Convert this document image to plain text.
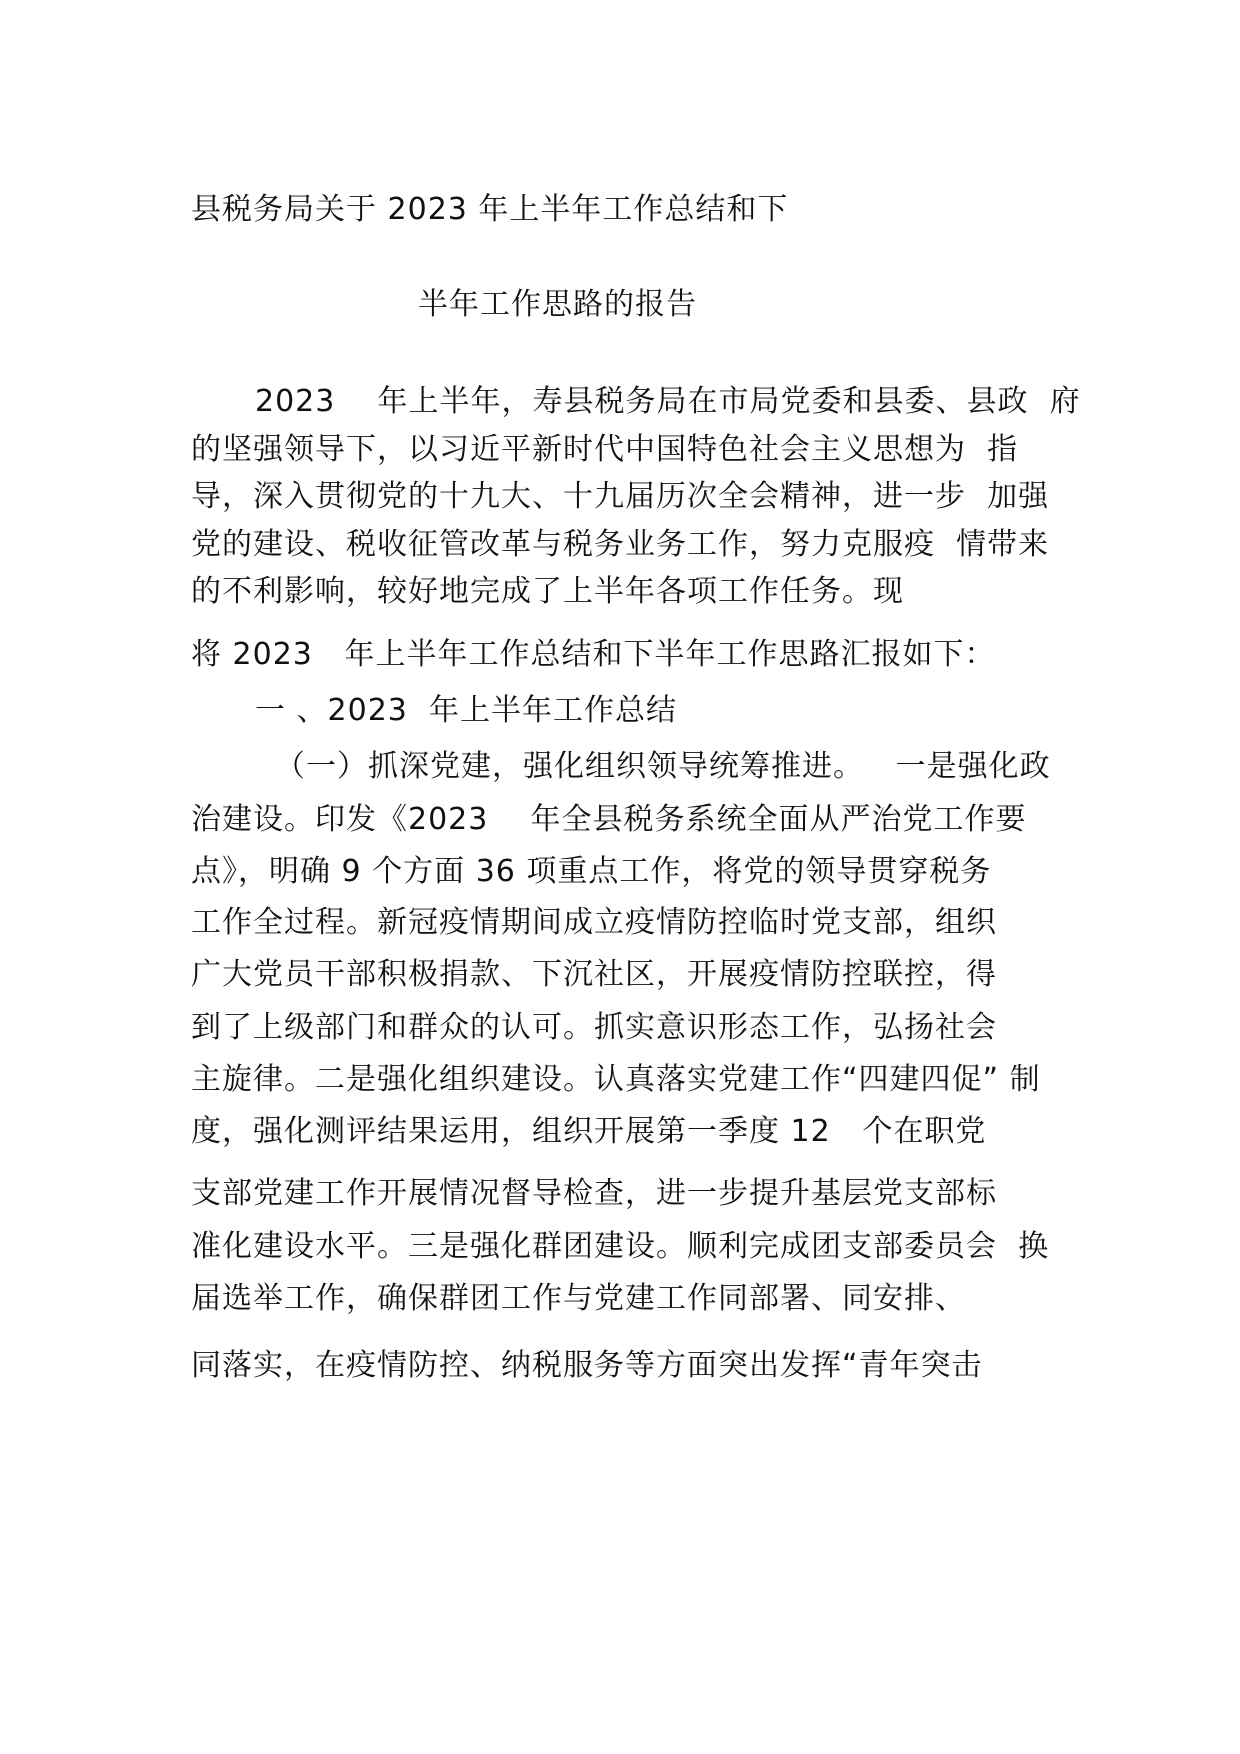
县税务局关于 2023 年上半年工作总结和下
半年工作思路的报告
2023    年上半年，寿县税务局在市局党委和县委、县政  府
的坚强领导下，以习近平新时代中国特色社会主义思想为  指
导，深入贯彻党的十九大、十九届历次全会精神，进一步  加强
党的建设、税收征管改革与税务业务工作，努力克服疫  情带来
的不利影响，较好地完成了上半年各项工作任务。现
将 2023   年上半年工作总结和下半年工作思路汇报如下：
一 、2023  年上半年工作总结
（一）抓深党建，强化组织领导统筹推进。   一是强化政
治建设。印发《2023    年全县税务系统全面从严治党工作要
点》，明确 9 个方面 36 项重点工作，将党的领导贯穿税务
工作全过程。新冠疫情期间成立疫情防控临时党支部，组织
广大党员干部积极捐款、下沉社区，开展疫情防控联控，得
到了上级部门和群众的认可。抓实意识形态工作，弘扬社会
主旋律。二是强化组织建设。认真落实党建工作“四建四促” 制
度，强化测评结果运用，组织开展第一季度 12   个在职党
支部党建工作开展情况督导检查，进一步提升基层党支部标
准化建设水平。三是强化群团建设。顺利完成团支部委员会  换
届选举工作，确保群团工作与党建工作同部署、同安排、
同落实，在疫情防控、纳税服务等方面突出发挥“青年突击
